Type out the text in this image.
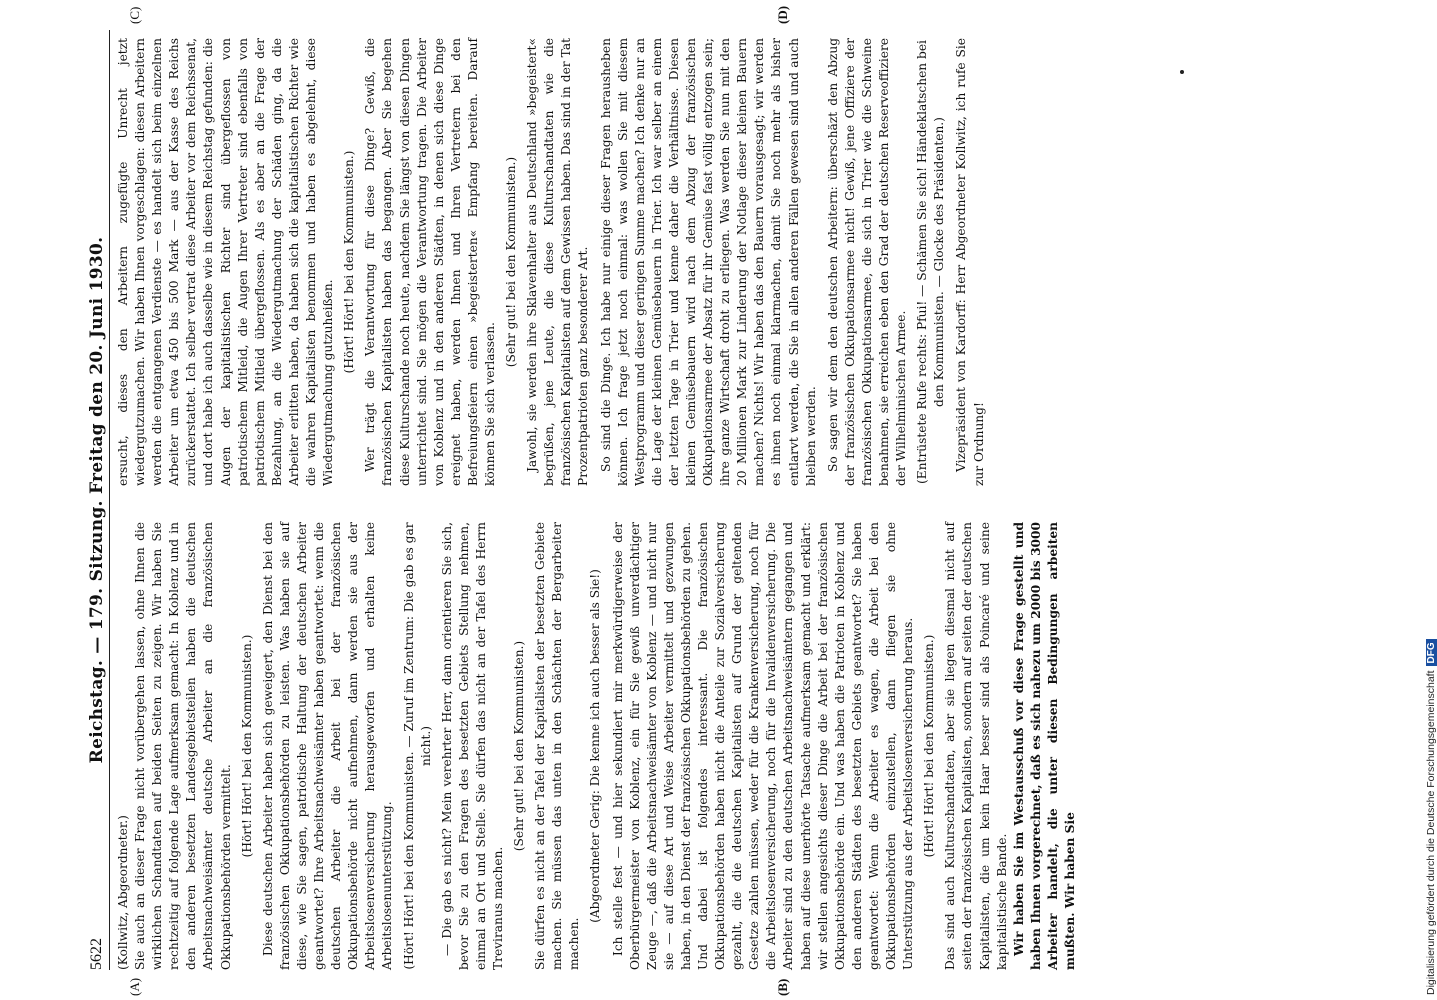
5622
Reichstag. — 179. Sitzung. Freitag den 20. Juni 1930.

(Kollwitz, Abgeordneter.) Sie auch an dieser Frage nicht vorübergehen lassen, ohne Ihnen die wirklichen Schandtaten auf beiden Seiten zu zeigen. Wir haben Sie rechtzeitig auf folgende Lage aufmerksam gemacht: In Koblenz und in den anderen besetzten Landesgebietsteilen haben die deutschen Arbeitsnachweisämter deutsche Arbeiter an die französischen Okkupationsbehörden vermittelt.

(Hört! Hört! bei den Kommunisten.) Diese deutschen Arbeiter haben sich geweigert, den Dienst bei den französischen Okkupationsbehörden zu leisten. Was haben sie auf diese, wie Sie sagen, patriotische Haltung der deutschen Arbeiter geantwortet? Ihre Arbeitsnachweisämter haben geantwortet: wenn die deutschen Arbeiter die Arbeit bei der französischen Okkupationsbehörde nicht aufnehmen, dann werden sie aus der Arbeitslosenversicherung herausgeworfen und erhalten keine Arbeitslosenunterstützung. (Hört! Hört! bei den Kommunisten. — Zuruf im Zentrum: Die gab es gar nicht.) — Die gab es nicht? Mein verehrter Herr, dann orientieren Sie sich, bevor Sie zu den Fragen des besetzten Gebiets Stellung nehmen, einmal an Ort und Stelle. Sie dürfen das nicht an der Tafel des Herrn Treviranus machen.

(Sehr gut! bei den Kommunisten.) Sie dürfen es nicht an der Tafel der Kapitalisten der besetzten Gebiete machen. Sie müssen das unten in den Schächten der Bergarbeiter machen.

(Abgeordneter Gerig: Die kenne ich auch besser als Sie!) Ich stelle fest — und hier sekundiert mir merkwürdigerweise der Oberbürgermeister von Koblenz, ein für Sie gewiß unverdächtiger Zeuge —, daß die Arbeitsnachweisämter von Koblenz — und nicht nur sie — auf diese Art und Weise Arbeiter vermittelt und gezwungen haben, in den Dienst der französischen Okkupationsbehörden zu gehen. Und dabei ist folgendes interessant. Die französischen Okkupationsbehörden haben nicht die Anteile zur Sozialversicherung gezahlt, die die deutschen Kapitalisten auf Grund der geltenden Gesetze zahlen müssen, weder für die Krankenversicherung, noch für die Arbeitslosenversicherung, noch für die Invalidenversicherung. Die Arbeiter sind zu den deutschen Arbeitsnachweisämtern gegangen und haben auf diese unerhörte Tatsache aufmerksam gemacht und erklärt: wir stellen angesichts dieser Dinge die Arbeit bei der französischen Okkupationsbehörde ein. Und was haben die Patrioten in Koblenz und den anderen Städten des besetzten Gebiets geantwortet? Sie haben geantwortet: Wenn die Arbeiter es wagen, die Arbeit bei den Okkupationsbehörden einzustellen, dann fliegen sie ohne Unterstützung aus der Arbeitslosenversicherung heraus. (Hört! Hört! bei den Kommunisten.) Das sind auch Kulturschandtaten, aber sie liegen diesmal nicht auf seiten der französischen Kapitalisten, sondern auf seiten der deutschen Kapitalisten, die um kein Haar besser sind als Poincaré und seine kapitalistische Bande. Wir haben Sie im Westausschuß vor diese Frage gestellt und haben Ihnen vorgerechnet, daß es sich nahezu um 2000 bis 3000 Arbeiter handelt, die unter diesen Bedingungen arbeiten mußten. Wir haben Sie

ersucht, dieses den Arbeitern zugefügte Unrecht jetzt wiedergutzumachen. Wir haben Ihnen vorgeschlagen: diesen Arbeitern werden die entgangenen Verdienste — es handelt sich beim einzelnen Arbeiter um etwa 450 bis 500 Mark — aus der Kasse des Reichs zurückerstattet. Ich selber vertrat diese Arbeiter vor dem Reichssenat, und dort habe ich auch dasselbe wie in diesem Reichstag gefunden: die Augen der kapitalistischen Richter sind übergeflossen von patriotischem Mitleid, die Augen Ihrer Vertreter sind ebenfalls von patriotischem Mitleid übergeflossen. Als es aber an die Frage der Bezahlung, an die Wiedergutmachung der Schäden ging, da die Arbeiter erlitten haben, da haben sich die kapitalistischen Richter wie die wahren Kapitalisten benommen und haben es abgelehnt, diese Wiedergutmachung gutzuheißen.

(Hört! Hört! bei den Kommunisten.) Wer trägt die Verantwortung für diese Dinge? Gewiß, die französischen Kapitalisten haben das begangen. Aber Sie begehen diese Kulturschande noch heute, nachdem Sie längst von diesen Dingen unterrichtet sind. Sie mögen die Verantwortung tragen. Die Arbeiter von Koblenz und in den anderen Städten, in denen sich diese Dinge ereignet haben, werden Ihnen und Ihren Vertretern bei den Befreiungsfeiern einen »begeisterten« Empfang bereiten. Darauf können Sie sich verlassen.

(Sehr gut! bei den Kommunisten.) Jawohl, sie werden ihre Sklavenhalter aus Deutschland »begeistert« begrüßen, jene Leute, die diese Kulturschandtaten wie die französischen Kapitalisten auf dem Gewissen haben. Das sind in der Tat Prozentpatrioten ganz besonderer Art. So sind die Dinge. Ich habe nur einige dieser Fragen herausheben können. Ich frage jetzt noch einmal: was wollen Sie mit diesem Westprogramm und dieser geringen Summe machen? Ich denke nur an die Lage der kleinen Gemüsebauern in Trier. Ich war selber an einem der letzten Tage in Trier und kenne daher die Verhältnisse. Diesen kleinen Gemüsebauern wird nach dem Abzug der französischen Okkupationsarmee der Absatz für ihr Gemüse fast völlig entzogen sein; ihre ganze Wirtschaft droht zu erliegen. Was werden Sie nun mit den 20 Millionen Mark zur Linderung der Notlage dieser kleinen Bauern machen? Nichts! Wir haben das den Bauern vorausgesagt; wir werden es ihnen noch einmal klarmachen, damit Sie noch mehr als bisher entlarvt werden, die Sie in allen anderen Fällen gewesen sind und auch bleiben werden. So sagen wir dem den deutschen Arbeitern: überschäzt den Abzug der französischen Okkupationsarmee nicht! Gewiß, jene Offiziere der französischen Okkupationsarmee, die sich in Trier wie die Schweine benahmen, sie erreichen eben den Grad der deutschen Reserveoffiziere der Wilhelminischen Armee. (Entrüstete Rufe rechts: Pfui! — Schämen Sie sich! Händeklatschen bei den Kommunisten. — Glocke des Präsidenten.) Vizepräsident von Kardorff: Herr Abgeordneter Kollwitz, ich rufe Sie zur Ordnung!

(A)	(B)
(C)	(D)
Digitalisierung gefördert durch die Deutsche ForschungsgemeinschaftDFG
